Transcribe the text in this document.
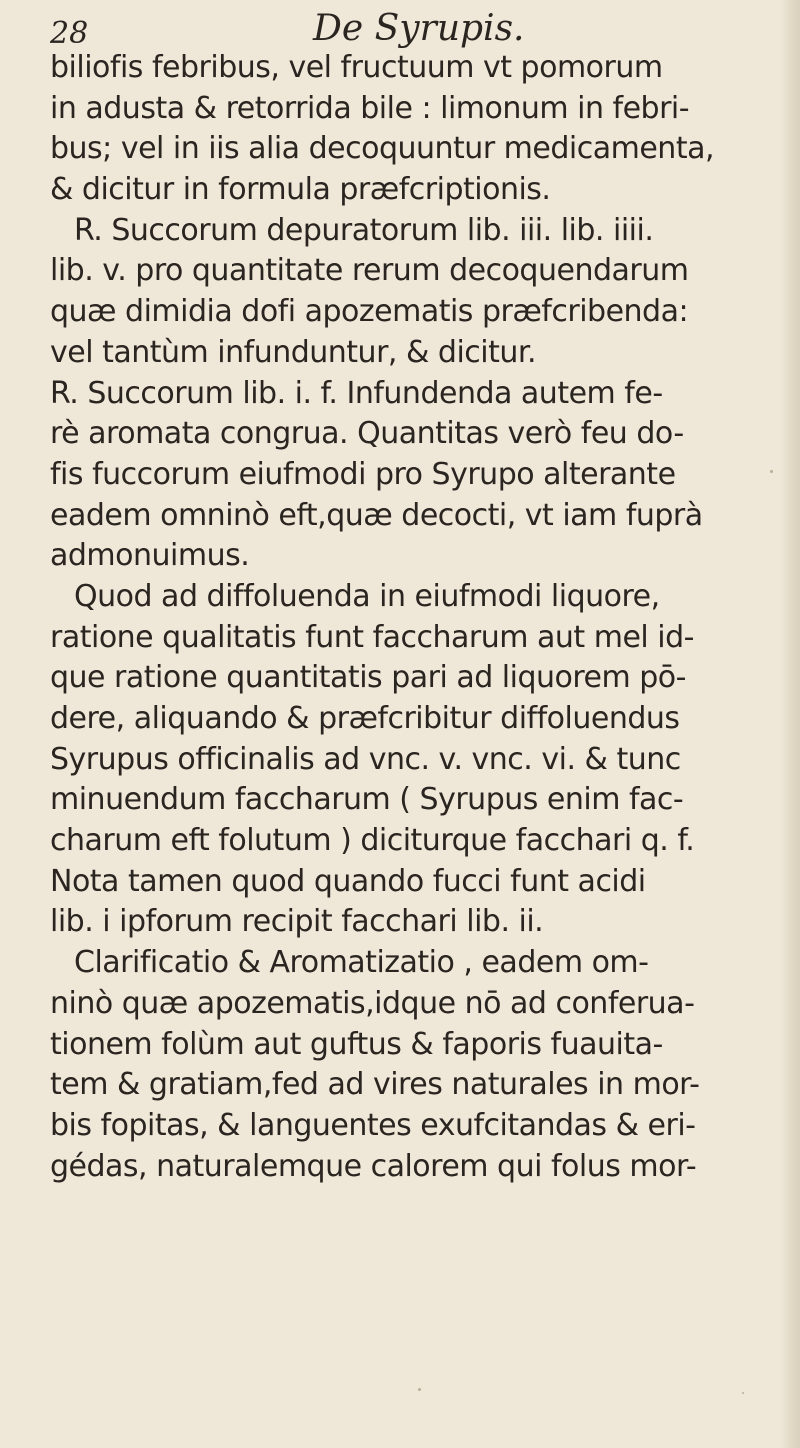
28	De Syrupis.
biliofis febribus, vel fructuum vt pomorum
in adusta & retorrida bile : limonum in febri-
bus; vel in iis alia decoquuntur medicamenta,
& dicitur in formula præfcriptionis.
R. Succorum depuratorum lib. iii. lib. iiii.
lib. v. pro quantitate rerum decoquendarum
quæ dimidia dofi apozematis præfcribenda:
vel tantùm infunduntur, & dicitur.
R. Succorum lib. i. f. Infundenda autem fe-
rè aromata congrua. Quantitas verò feu do-
fis fuccorum eiufmodi pro Syrupo alterante
eadem omninò eft,quæ decocti, vt iam fuprà
admonuimus.
Quod ad diffoluenda in eiufmodi liquore,
ratione qualitatis funt faccharum aut mel id-
que ratione quantitatis pari ad liquorem pō-
dere, aliquando & præfcribitur diffoluendus
Syrupus officinalis ad vnc. v. vnc. vi. & tunc
minuendum faccharum ( Syrupus enim fac-
charum eft folutum ) diciturque facchari q. f.
Nota tamen quod quando fucci funt acidi
lib. i ipforum recipit facchari lib. ii.
Clarificatio & Aromatizatio , eadem om-
ninò quæ apozematis,idque nō ad conferua-
tionem folùm aut guftus & faporis fuauita-
tem & gratiam,fed ad vires naturales in mor-
bis fopitas, & languentes exufcitandas & eri-
gédas, naturalemque calorem qui folus mor-
